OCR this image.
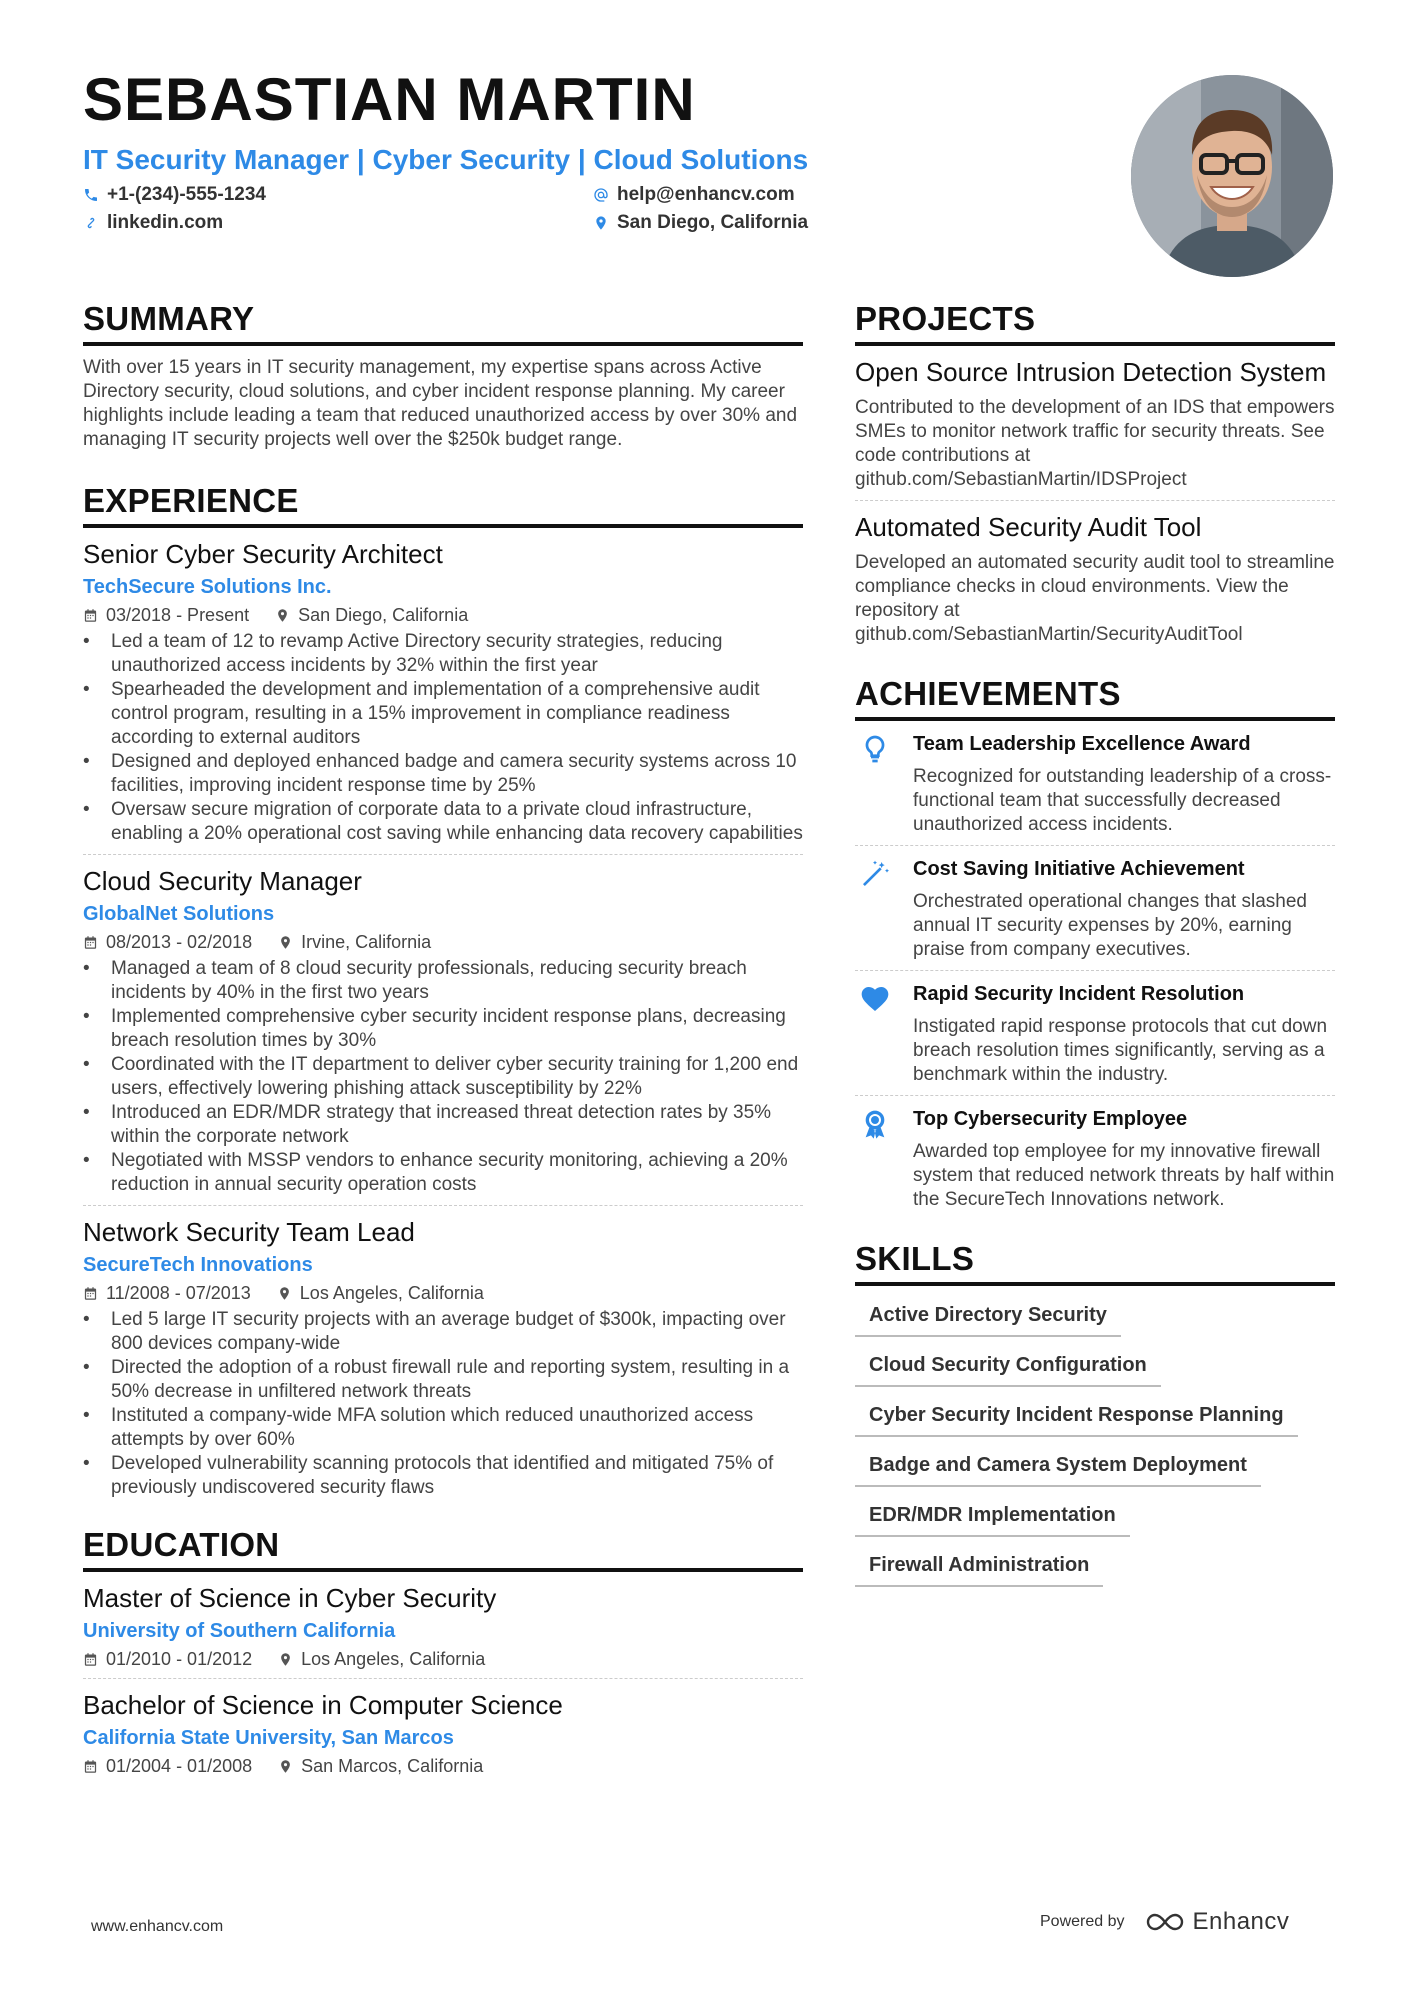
SEBASTIAN MARTIN
IT Security Manager | Cyber Security | Cloud Solutions
+1-(234)-555-1234	help@enhancv.com
linkedin.com	San Diego, California
SUMMARY
With over 15 years in IT security management, my expertise spans across Active Directory security, cloud solutions, and cyber incident response planning. My career highlights include leading a team that reduced unauthorized access by over 30% and managing IT security projects well over the $250k budget range.
EXPERIENCE
Senior Cyber Security Architect
TechSecure Solutions Inc.
03/2018 - Present	San Diego, California
• Led a team of 12 to revamp Active Directory security strategies, reducing unauthorized access incidents by 32% within the first year
• Spearheaded the development and implementation of a comprehensive audit control program, resulting in a 15% improvement in compliance readiness according to external auditors
• Designed and deployed enhanced badge and camera security systems across 10 facilities, improving incident response time by 25%
• Oversaw secure migration of corporate data to a private cloud infrastructure, enabling a 20% operational cost saving while enhancing data recovery capabilities
Cloud Security Manager
GlobalNet Solutions
08/2013 - 02/2018	Irvine, California
• Managed a team of 8 cloud security professionals, reducing security breach incidents by 40% in the first two years
• Implemented comprehensive cyber security incident response plans, decreasing breach resolution times by 30%
• Coordinated with the IT department to deliver cyber security training for 1,200 end users, effectively lowering phishing attack susceptibility by 22%
• Introduced an EDR/MDR strategy that increased threat detection rates by 35% within the corporate network
• Negotiated with MSSP vendors to enhance security monitoring, achieving a 20% reduction in annual security operation costs
Network Security Team Lead
SecureTech Innovations
11/2008 - 07/2013	Los Angeles, California
• Led 5 large IT security projects with an average budget of $300k, impacting over 800 devices company-wide
• Directed the adoption of a robust firewall rule and reporting system, resulting in a 50% decrease in unfiltered network threats
• Instituted a company-wide MFA solution which reduced unauthorized access attempts by over 60%
• Developed vulnerability scanning protocols that identified and mitigated 75% of previously undiscovered security flaws
EDUCATION
Master of Science in Cyber Security
University of Southern California
01/2010 - 01/2012	Los Angeles, California
Bachelor of Science in Computer Science
California State University, San Marcos
01/2004 - 01/2008	San Marcos, California
PROJECTS
Open Source Intrusion Detection System
Contributed to the development of an IDS that empowers SMEs to monitor network traffic for security threats. See code contributions at github.com/SebastianMartin/IDSProject
Automated Security Audit Tool
Developed an automated security audit tool to streamline compliance checks in cloud environments. View the repository at github.com/SebastianMartin/SecurityAuditTool
ACHIEVEMENTS
Team Leadership Excellence Award
Recognized for outstanding leadership of a cross-functional team that successfully decreased unauthorized access incidents.
Cost Saving Initiative Achievement
Orchestrated operational changes that slashed annual IT security expenses by 20%, earning praise from company executives.
Rapid Security Incident Resolution
Instigated rapid response protocols that cut down breach resolution times significantly, serving as a benchmark within the industry.
Top Cybersecurity Employee
Awarded top employee for my innovative firewall system that reduced network threats by half within the SecureTech Innovations network.
SKILLS
Active Directory Security
Cloud Security Configuration
Cyber Security Incident Response Planning
Badge and Camera System Deployment
EDR/MDR Implementation
Firewall Administration
www.enhancv.com	Powered by	Enhancv
